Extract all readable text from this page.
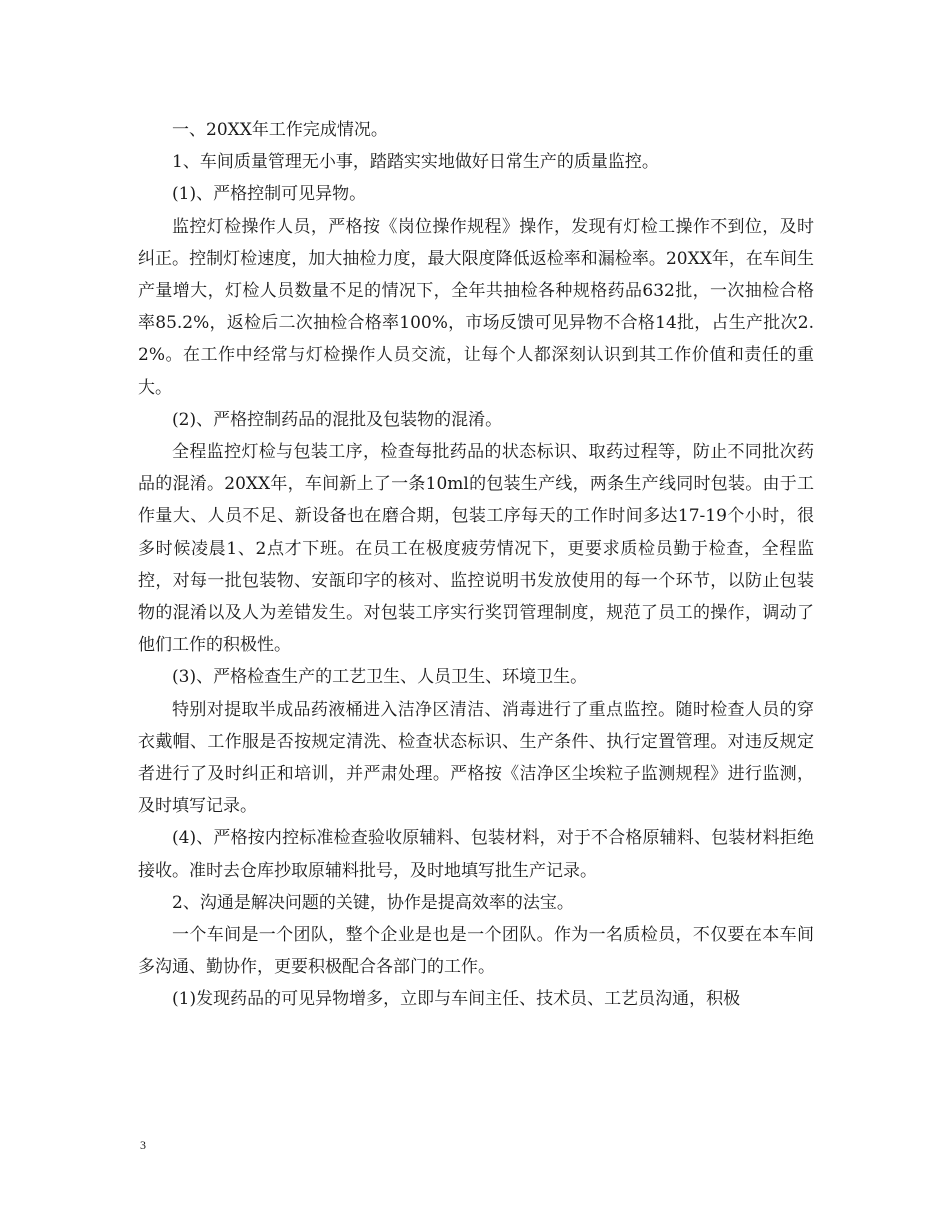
一、20XX年工作完成情况。

1、车间质量管理无小事，踏踏实实地做好日常生产的质量监控。

(1)、严格控制可见异物。

监控灯检操作人员，严格按《岗位操作规程》操作，发现有灯检工操作不到位，及时纠正。控制灯检速度，加大抽检力度，最大限度降低返检率和漏检率。20XX年，在车间生产量增大，灯检人员数量不足的情况下，全年共抽检各种规格药品632批，一次抽检合格率85.2%，返检后二次抽检合格率100%，市场反馈可见异物不合格14批，占生产批次2.2%。在工作中经常与灯检操作人员交流，让每个人都深刻认识到其工作价值和责任的重大。

(2)、严格控制药品的混批及包装物的混淆。

全程监控灯检与包装工序，检查每批药品的状态标识、取药过程等，防止不同批次药品的混淆。20XX年，车间新上了一条10ml的包装生产线，两条生产线同时包装。由于工作量大、人员不足、新设备也在磨合期，包装工序每天的工作时间多达17-19个小时，很多时候凌晨1、2点才下班。在员工在极度疲劳情况下，更要求质检员勤于检查，全程监控，对每一批包装物、安瓿印字的核对、监控说明书发放使用的每一个环节，以防止包装物的混淆以及人为差错发生。对包装工序实行奖罚管理制度，规范了员工的操作，调动了他们工作的积极性。

(3)、严格检查生产的工艺卫生、人员卫生、环境卫生。

特别对提取半成品药液桶进入洁净区清洁、消毒进行了重点监控。随时检查人员的穿衣戴帽、工作服是否按规定清洗、检查状态标识、生产条件、执行定置管理。对违反规定者进行了及时纠正和培训，并严肃处理。严格按《洁净区尘埃粒子监测规程》进行监测，及时填写记录。

(4)、严格按内控标准检查验收原辅料、包装材料，对于不合格原辅料、包装材料拒绝接收。准时去仓库抄取原辅料批号，及时地填写批生产记录。

2、沟通是解决问题的关键，协作是提高效率的法宝。

一个车间是一个团队，整个企业是也是一个团队。作为一名质检员，不仅要在本车间多沟通、勤协作，更要积极配合各部门的工作。

(1)发现药品的可见异物增多，立即与车间主任、技术员、工艺员沟通，积极

3
